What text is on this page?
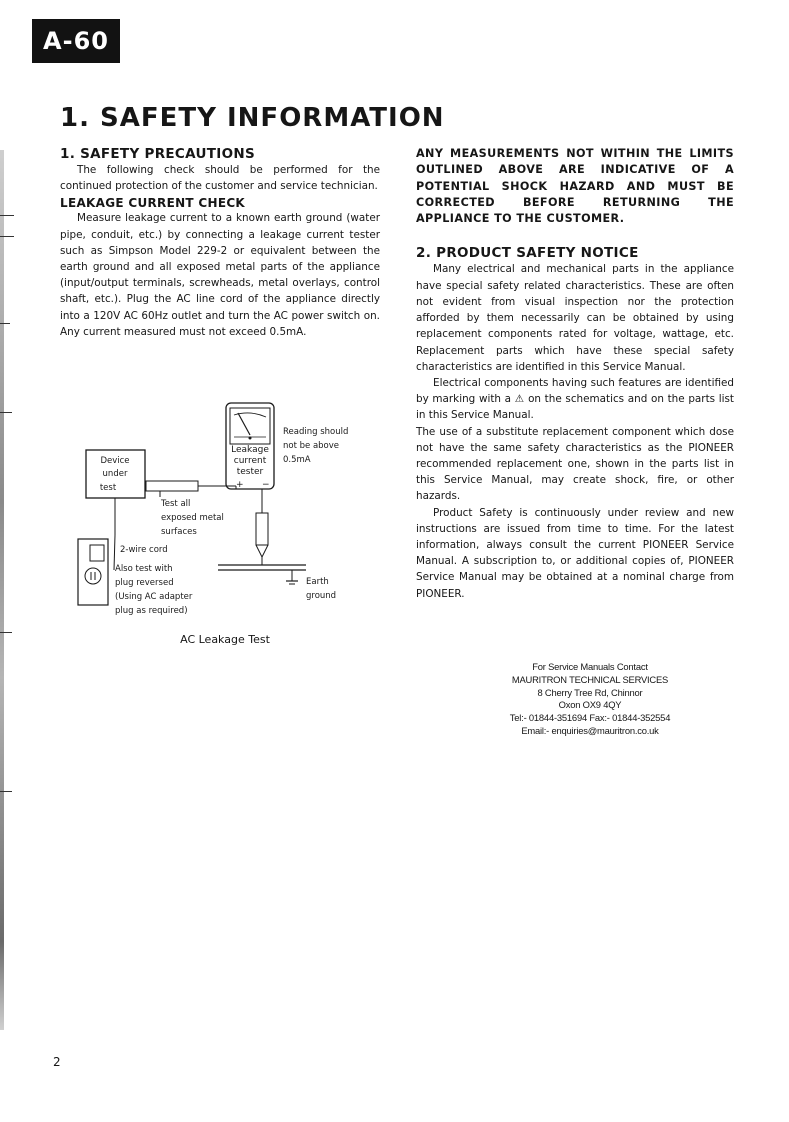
A-60
1. SAFETY INFORMATION
1. SAFETY PRECAUTIONS

The following check should be performed for the continued protection of the customer and service technician.

LEAKAGE CURRENT CHECK

Measure leakage current to a known earth ground (water pipe, conduit, etc.) by connecting a leakage current tester such as Simpson Model 229-2 or equivalent between the earth ground and all exposed metal parts of the appliance (input/output terminals, screwheads, metal overlays, control shaft, etc.). Plug the AC line cord of the appliance directly into a 120V AC 60Hz outlet and turn the AC power switch on. Any current measured must not exceed 0.5mA.

Leakage
current
tester
+ −
Reading should
not be above
0.5mA
Device
under
test
Test all
exposed metal
surfaces
Earth
ground
2-wire cord
Also test with
plug reversed
(Using AC adapter
plug as required)

AC Leakage Test

ANY MEASUREMENTS NOT WITHIN THE LIMITS OUTLINED ABOVE ARE INDICATIVE OF A POTENTIAL SHOCK HAZARD AND MUST BE CORRECTED BEFORE RETURNING THE APPLIANCE TO THE CUSTOMER.

2. PRODUCT SAFETY NOTICE

Many electrical and mechanical parts in the appliance have special safety related characteristics. These are often not evident from visual inspection nor the protection afforded by them necessarily can be obtained by using replacement components rated for voltage, wattage, etc. Replacement parts which have these special safety characteristics are identified in this Service Manual.

Electrical components having such features are identified by marking with a ⚠ on the schematics and on the parts list in this Service Manual.

The use of a substitute replacement component which dose not have the same safety characteristics as the PIONEER recommended replacement one, shown in the parts list in this Service Manual, may create shock, fire, or other hazards.

Product Safety is continuously under review and new instructions are issued from time to time. For the latest information, always consult the current PIONEER Service Manual. A subscription to, or additional copies of, PIONEER Service Manual may be obtained at a nominal charge from PIONEER.

For Service Manuals Contact
MAURITRON TECHNICAL SERVICES
8 Cherry Tree Rd, Chinnor
Oxon OX9 4QY
Tel:- 01844-351694 Fax:- 01844-352554
Email:- enquiries@mauritron.co.uk

2
